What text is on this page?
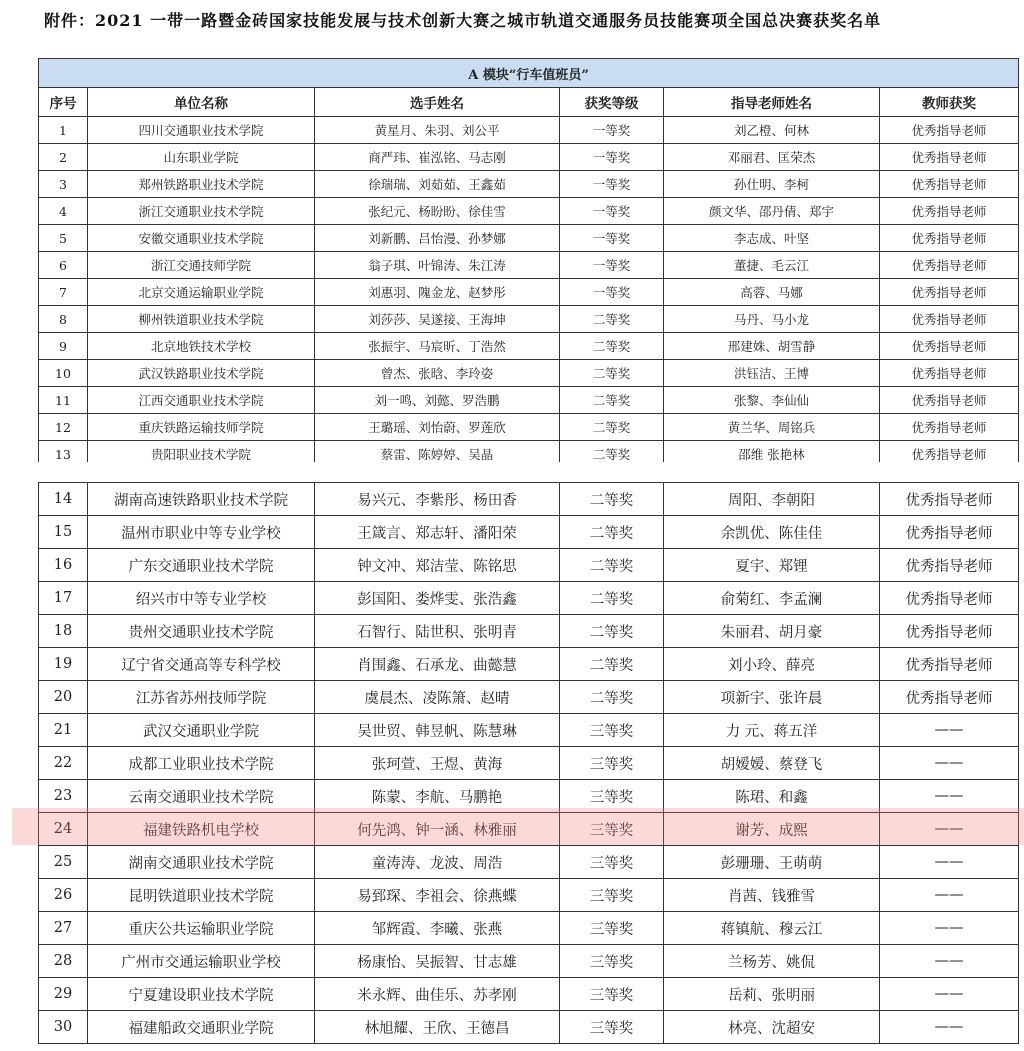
附件：2021 一带一路暨金砖国家技能发展与技术创新大赛之城市轨道交通服务员技能赛项全国总决赛获奖名单
A 模块“行车值班员”					
序号	单位名称	选手姓名	获奖等级	指导老师姓名	教师获奖
1	四川交通职业技术学院	黄星月、朱羽、刘公平	一等奖	刘乙橙、何林	优秀指导老师
2	山东职业学院	商严玮、崔泓铭、马志刚	一等奖	邓丽君、匡荣杰	优秀指导老师
3	郑州铁路职业技术学院	徐瑞瑞、刘茹茹、王鑫茹	一等奖	孙仕明、李柯	优秀指导老师
4	浙江交通职业技术学院	张纪元、杨盼盼、徐佳雪	一等奖	颜文华、邵丹倩、郑宇	优秀指导老师
5	安徽交通职业技术学院	刘新鹏、吕怡漫、孙梦娜	一等奖	李志成、叶坚	优秀指导老师
6	浙江交通技师学院	翁子琪、叶锦涛、朱江涛	一等奖	董捷、毛云江	优秀指导老师
7	北京交通运输职业学院	刘惠羽、隗金龙、赵梦彤	一等奖	高蓉、马娜	优秀指导老师
8	柳州铁道职业技术学院	刘莎莎、吴遂接、王海坤	二等奖	马丹、马小龙	优秀指导老师
9	北京地铁技术学校	张振宇、马宸昕、丁浩然	二等奖	邢建姝、胡雪静	优秀指导老师
10	武汉铁路职业技术学院	曾杰、张晗、李玲姿	二等奖	洪钰洁、王博	优秀指导老师
11	江西交通职业技术学院	刘一鸣、刘懿、罗浩鹏	二等奖	张黎、李仙仙	优秀指导老师
12	重庆铁路运输技师学院	王璐瑶、刘怡蔚、罗莲欣	二等奖	黄兰华、周铭兵	优秀指导老师
13	贵阳职业技术学院	蔡雷、陈婷婷、吴晶	二等奖	邵维 张艳林	优秀指导老师
14	湖南高速铁路职业技术学院	易兴元、李紫彤、杨田香	二等奖	周阳、李朝阳	优秀指导老师
15	温州市职业中等专业学校	王箴言、郑志轩、潘阳荣	二等奖	余凯优、陈佳佳	优秀指导老师
16	广东交通职业技术学院	钟文冲、郑洁莹、陈铭思	二等奖	夏宇、郑锂	优秀指导老师
17	绍兴市中等专业学校	彭国阳、娄烨雯、张浩鑫	二等奖	俞菊红、李孟澜	优秀指导老师
18	贵州交通职业技术学院	石智行、陆世积、张明青	二等奖	朱丽君、胡月豪	优秀指导老师
19	辽宁省交通高等专科学校	肖围鑫、石承龙、曲懿慧	二等奖	刘小玲、薛亮	优秀指导老师
20	江苏省苏州技师学院	虞晨杰、凌陈箫、赵晴	二等奖	项新宇、张许晨	优秀指导老师
21	武汉交通职业学院	吴世贸、韩昱帆、陈慧琳	三等奖	力 元、蒋五洋	——
22	成都工业职业技术学院	张珂萱、王煜、黄海	三等奖	胡嫒嫒、蔡登飞	——
23	云南交通职业技术学院	陈蒙、李航、马鹏艳	三等奖	陈珺、和鑫	——
24	福建铁路机电学校	何先鸿、钟一涵、林雅丽	三等奖	谢芳、成熙	——
25	湖南交通职业技术学院	童涛涛、龙波、周浩	三等奖	彭珊珊、王萌萌	——
26	昆明铁道职业技术学院	易郅琛、李祖会、徐燕蝶	三等奖	肖茜、钱雅雪	——
27	重庆公共运输职业学院	邹辉霞、李曦、张燕	三等奖	蒋镇航、穆云江	——
28	广州市交通运输职业学校	杨康怡、吴振智、甘志雄	三等奖	兰杨芳、姚侃	——
29	宁夏建设职业技术学院	米永辉、曲佳乐、苏孝刚	三等奖	岳莉、张明丽	——
30	福建船政交通职业学院	林旭耀、王欣、王德昌	三等奖	林亮、沈超安	——
